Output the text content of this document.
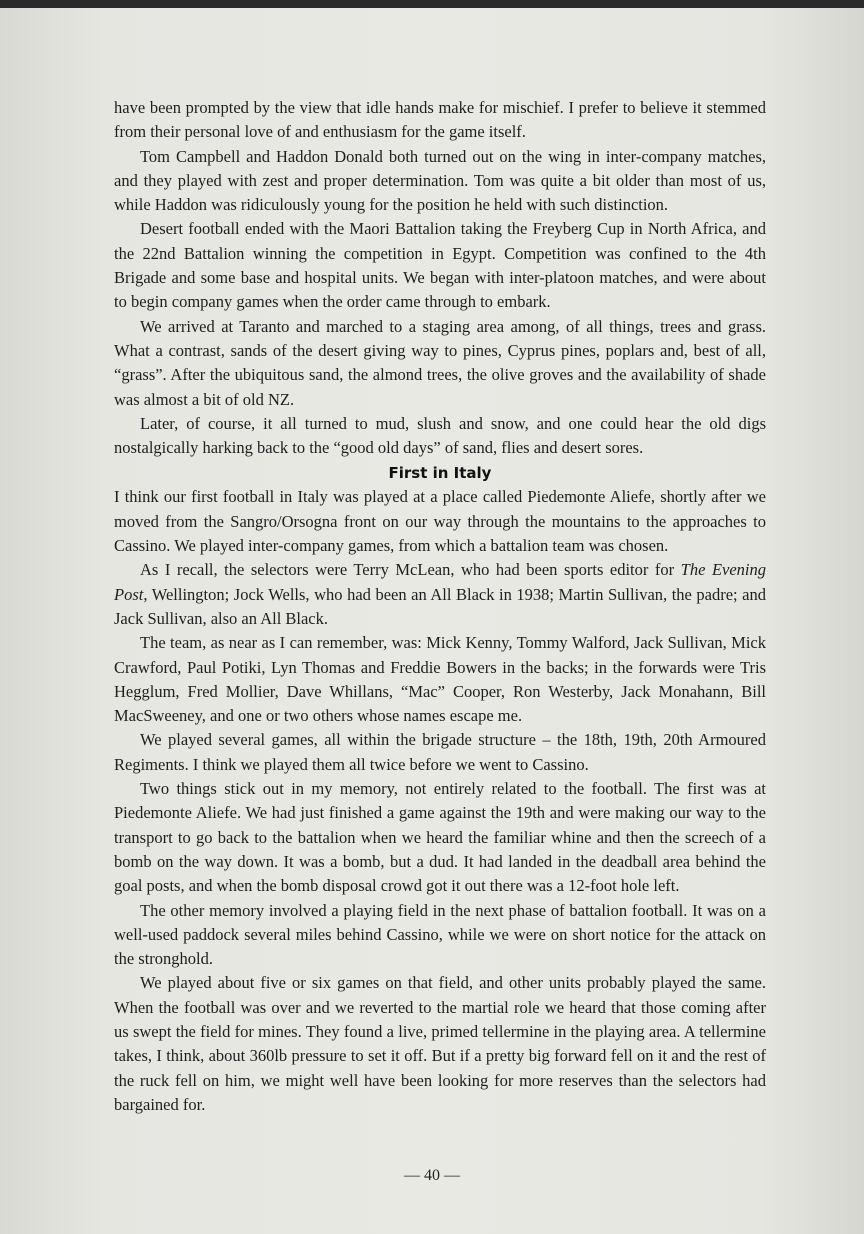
have been prompted by the view that idle hands make for mischief. I prefer to believe it stemmed from their personal love of and enthusiasm for the game itself.

Tom Campbell and Haddon Donald both turned out on the wing in inter-company matches, and they played with zest and proper determination. Tom was quite a bit older than most of us, while Haddon was ridiculously young for the position he held with such distinction.

Desert football ended with the Maori Battalion taking the Freyberg Cup in North Africa, and the 22nd Battalion winning the competition in Egypt. Competition was confined to the 4th Brigade and some base and hospital units. We began with inter-platoon matches, and were about to begin company games when the order came through to embark.

We arrived at Taranto and marched to a staging area among, of all things, trees and grass. What a contrast, sands of the desert giving way to pines, Cyprus pines, poplars and, best of all, “grass”. After the ubiquitous sand, the almond trees, the olive groves and the availability of shade was almost a bit of old NZ.

Later, of course, it all turned to mud, slush and snow, and one could hear the old digs nostalgically harking back to the “good old days” of sand, flies and desert sores.

First in Italy

I think our first football in Italy was played at a place called Piedemonte Aliefe, shortly after we moved from the Sangro/Orsogna front on our way through the mountains to the approaches to Cassino. We played inter-company games, from which a battalion team was chosen.

As I recall, the selectors were Terry McLean, who had been sports editor for The Evening Post, Wellington; Jock Wells, who had been an All Black in 1938; Martin Sullivan, the padre; and Jack Sullivan, also an All Black.

The team, as near as I can remember, was: Mick Kenny, Tommy Walford, Jack Sullivan, Mick Crawford, Paul Potiki, Lyn Thomas and Freddie Bowers in the backs; in the forwards were Tris Hegglum, Fred Mollier, Dave Whillans, “Mac” Cooper, Ron Westerby, Jack Monahann, Bill MacSweeney, and one or two others whose names escape me.

We played several games, all within the brigade structure – the 18th, 19th, 20th Armoured Regiments. I think we played them all twice before we went to Cassino.

Two things stick out in my memory, not entirely related to the football. The first was at Piedemonte Aliefe. We had just finished a game against the 19th and were making our way to the transport to go back to the battalion when we heard the familiar whine and then the screech of a bomb on the way down. It was a bomb, but a dud. It had landed in the deadball area behind the goal posts, and when the bomb disposal crowd got it out there was a 12-foot hole left.

The other memory involved a playing field in the next phase of battalion football. It was on a well-used paddock several miles behind Cassino, while we were on short notice for the attack on the stronghold.

We played about five or six games on that field, and other units probably played the same. When the football was over and we reverted to the martial role we heard that those coming after us swept the field for mines. They found a live, primed tellermine in the playing area. A tellermine takes, I think, about 360lb pressure to set it off. But if a pretty big forward fell on it and the rest of the ruck fell on him, we might well have been looking for more reserves than the selectors had bargained for.

— 40 —
